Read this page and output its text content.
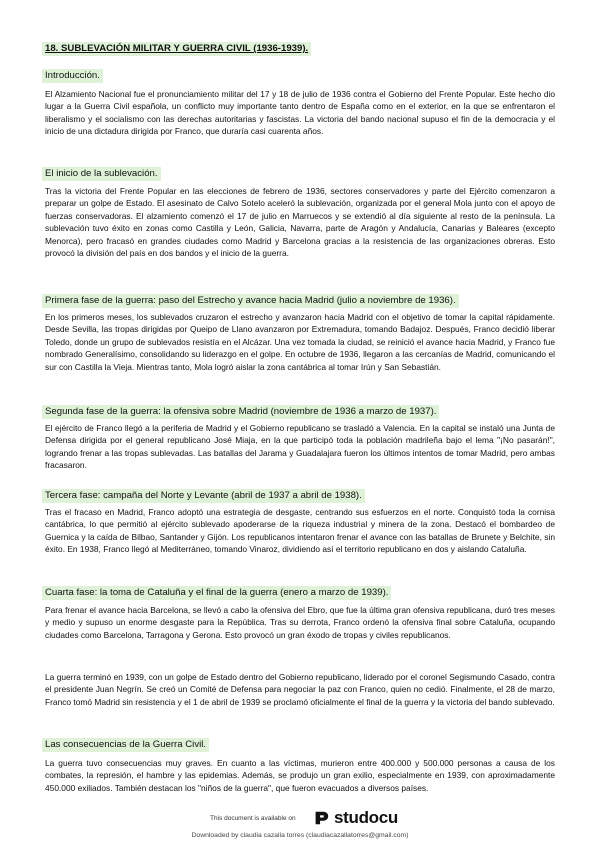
18. SUBLEVACIÓN MILITAR Y GUERRA CIVIL (1936-1939).
Introducción.

El Alzamiento Nacional fue el pronunciamiento militar del 17 y 18 de julio de 1936 contra el Gobierno del Frente Popular. Este hecho dio lugar a la Guerra Civil española, un conflicto muy importante tanto dentro de España como en el exterior, en la que se enfrentaron el liberalismo y el socialismo con las derechas autoritarias y fascistas. La victoria del bando nacional supuso el fin de la democracia y el inicio de una dictadura dirigida por Franco, que duraría casi cuarenta años.

El inicio de la sublevación.

Tras la victoria del Frente Popular en las elecciones de febrero de 1936, sectores conservadores y parte del Ejército comenzaron a preparar un golpe de Estado. El asesinato de Calvo Sotelo aceleró la sublevación, organizada por el general Mola junto con el apoyo de fuerzas conservadoras. El alzamiento comenzó el 17 de julio en Marruecos y se extendió al día siguiente al resto de la península. La sublevación tuvo éxito en zonas como Castilla y León, Galicia, Navarra, parte de Aragón y Andalucía, Canarias y Baleares (excepto Menorca), pero fracasó en grandes ciudades como Madrid y Barcelona gracias a la resistencia de las organizaciones obreras. Esto provocó la división del país en dos bandos y el inicio de la guerra.

Primera fase de la guerra: paso del Estrecho y avance hacia Madrid (julio a noviembre de 1936).

En los primeros meses, los sublevados cruzaron el estrecho y avanzaron hacia Madrid con el objetivo de tomar la capital rápidamente. Desde Sevilla, las tropas dirigidas por Queipo de Llano avanzaron por Extremadura, tomando Badajoz. Después, Franco decidió liberar Toledo, donde un grupo de sublevados resistía en el Alcázar. Una vez tomada la ciudad, se reinició el avance hacia Madrid, y Franco fue nombrado Generalísimo, consolidando su liderazgo en el golpe. En octubre de 1936, llegaron a las cercanías de Madrid, comunicando el sur con Castilla la Vieja. Mientras tanto, Mola logró aislar la zona cantábrica al tomar Irún y San Sebastián.

Segunda fase de la guerra: la ofensiva sobre Madrid (noviembre de 1936 a marzo de 1937).

El ejército de Franco llegó a la periferia de Madrid y el Gobierno republicano se trasladó a Valencia. En la capital se instaló una Junta de Defensa dirigida por el general republicano José Miaja, en la que participó toda la población madrileña bajo el lema "¡No pasarán!", logrando frenar a las tropas sublevadas. Las batallas del Jarama y Guadalajara fueron los últimos intentos de tomar Madrid, pero ambas fracasaron.

Tercera fase: campaña del Norte y Levante (abril de 1937 a abril de 1938).

Tras el fracaso en Madrid, Franco adoptó una estrategia de desgaste, centrando sus esfuerzos en el norte. Conquistó toda la cornisa cantábrica, lo que permitió al ejército sublevado apoderarse de la riqueza industrial y minera de la zona. Destacó el bombardeo de Guernica y la caída de Bilbao, Santander y Gijón. Los republicanos intentaron frenar el avance con las batallas de Brunete y Belchite, sin éxito. En 1938, Franco llegó al Mediterráneo, tomando Vinaroz, dividiendo así el territorio republicano en dos y aislando Cataluña.

Cuarta fase: la toma de Cataluña y el final de la guerra (enero a marzo de 1939).

Para frenar el avance hacia Barcelona, se llevó a cabo la ofensiva del Ebro, que fue la última gran ofensiva republicana, duró tres meses y medio y supuso un enorme desgaste para la República. Tras su derrota, Franco ordenó la ofensiva final sobre Cataluña, ocupando ciudades como Barcelona, Tarragona y Gerona. Esto provocó un gran éxodo de tropas y civiles republicanos.

La guerra terminó en 1939, con un golpe de Estado dentro del Gobierno republicano, liderado por el coronel Segismundo Casado, contra el presidente Juan Negrín. Se creó un Comité de Defensa para negociar la paz con Franco, quien no cedió. Finalmente, el 28 de marzo, Franco tomó Madrid sin resistencia y el 1 de abril de 1939 se proclamó oficialmente el final de la guerra y la victoria del bando sublevado.

Las consecuencias de la Guerra Civil.

La guerra tuvo consecuencias muy graves. En cuanto a las víctimas, murieron entre 400.000 y 500.000 personas a causa de los combates, la represión, el hambre y las epidemias. Además, se produjo un gran exilio, especialmente en 1939, con aproximadamente 450.000 exiliados. También destacan los "niños de la guerra", que fueron evacuados a diversos países.

This document is available on studocu
Downloaded by claudia cazalla torres (claudiacazallatorres@gmail.com)
